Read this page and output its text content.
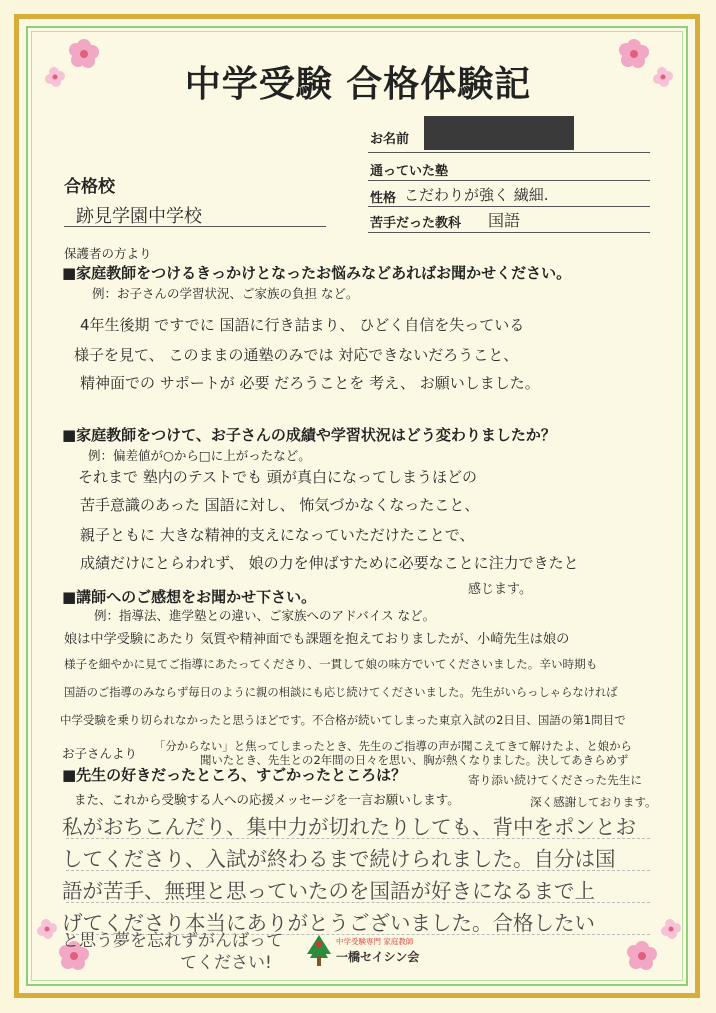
中学受験 合格体験記
お名前
通っていた塾
性格 こだわりが強く 繊細.
苦手だった教科 国語
合格校
跡見学園中学校
保護者の方より
■家庭教師をつけるきっかけとなったお悩みなどあればお聞かせください。
例：お子さんの学習状況、ご家族の負担 など。
4年生後期 ですでに 国語に行き詰まり、 ひどく自信を失っている
様子を見て、 このままの通塾のみでは 対応できないだろうこと、
精神面での サポートが 必要 だろうことを 考え、 お願いしました。
■家庭教師をつけて、お子さんの成績や学習状況はどう変わりましたか？
例：偏差値が○から□に上がったなど。
それまで 塾内のテストでも 頭が真白になってしまうほどの
苦手意識のあった 国語に対し、 怖気づかなくなったこと、
親子ともに 大きな精神的支えになっていただけたことで、
成績だけにとらわれず、 娘の力を伸ばすために必要なことに注力できたと
感じます。
■講師へのご感想をお聞かせ下さい。
例：指導法、進学塾との違い、ご家族へのアドバイス など。
娘は中学受験にあたり 気質や精神面でも課題を抱えておりましたが、小崎先生は娘の
様子を細やかに見てご指導にあたってくださり、一貫して娘の味方でいてくださいました。辛い時期も
国語のご指導のみならず毎日のように親の相談にも応じ続けてくださいました。先生がいらっしゃらなければ
中学受験を乗り切られなかったと思うほどです。不合格が続いてしまった東京入試の2日目、国語の第1問目で
「分からない」と焦ってしまったとき、先生のご指導の声が聞こえてきて解けたよ、と娘から
聞いたとき、先生との2年間の日々を思い、胸が熱くなりました。決してあきらめず
寄り添い続けてくださった先生に
深く感謝しております。
お子さんより
■先生の好きだったところ、すごかったところは？
また、これから受験する人への応援メッセージを一言お願いします。
私がおちこんだり、集中力が切れたりしても、背中をポンとお
してくださり、入試が終わるまで続けられました。自分は国
語が苦手、無理と思っていたのを国語が好きになるまで上
げてくださり本当にありがとうございました。合格したい
と思う夢を忘れずがんばって
てください!
中学受験専門 家庭教師
一橋セイシン会
